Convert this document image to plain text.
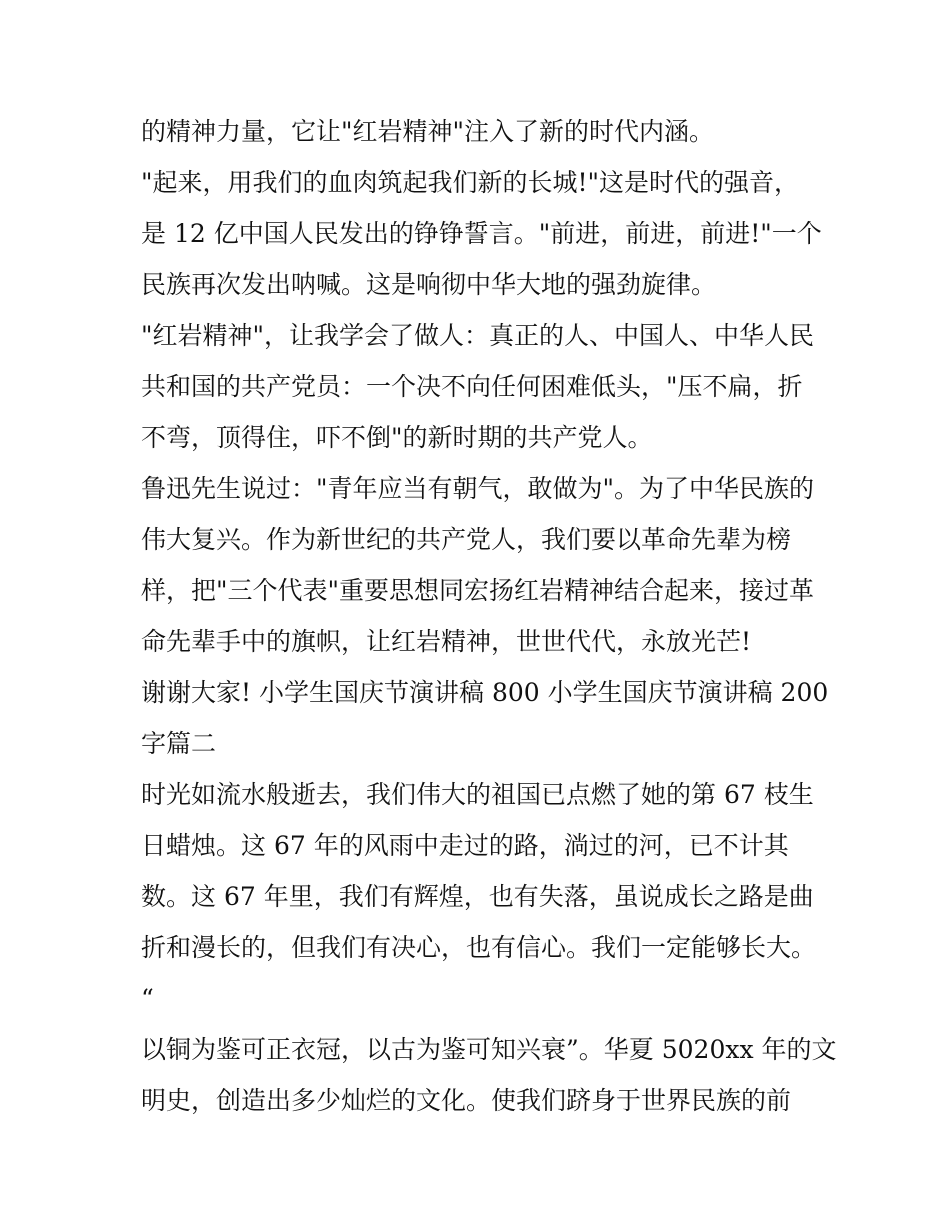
的精神力量，它让"红岩精神"注入了新的时代内涵。
"起来，用我们的血肉筑起我们新的长城!"这是时代的强音，
是 12 亿中国人民发出的铮铮誓言。"前进，前进，前进!"一个
民族再次发出呐喊。这是响彻中华大地的强劲旋律。
"红岩精神"，让我学会了做人：真正的人、中国人、中华人民
共和国的共产党员：一个决不向任何困难低头，"压不扁，折
不弯，顶得住，吓不倒"的新时期的共产党人。
鲁迅先生说过："青年应当有朝气，敢做为"。为了中华民族的
伟大复兴。作为新世纪的共产党人，我们要以革命先辈为榜
样，把"三个代表"重要思想同宏扬红岩精神结合起来，接过革
命先辈手中的旗帜，让红岩精神，世世代代，永放光芒!
谢谢大家! 小学生国庆节演讲稿 800 小学生国庆节演讲稿 200
字篇二
时光如流水般逝去，我们伟大的祖国已点燃了她的第 67 枝生
日蜡烛。这 67 年的风雨中走过的路，淌过的河，已不计其
数。这 67 年里，我们有辉煌，也有失落，虽说成长之路是曲
折和漫长的，但我们有决心，也有信心。我们一定能够长大。
“
以铜为鉴可正衣冠，以古为鉴可知兴衰”。华夏 5020xx 年的文
明史，创造出多少灿烂的文化。使我们跻身于世界民族的前
